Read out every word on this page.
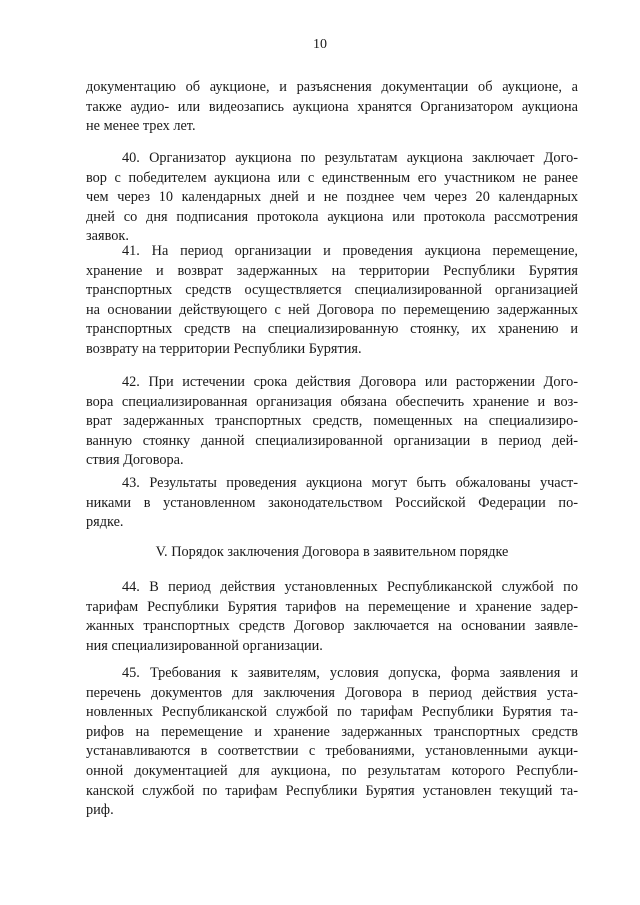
10
документацию об аукционе, и разъяснения документации об аукционе, а
также аудио- или видеозапись аукциона хранятся Организатором аукциона
не менее трех лет.
40. Организатор аукциона по результатам аукциона заключает Дого-
вор с победителем аукциона или с единственным его участником не ранее
чем через 10 календарных дней и не позднее чем через 20 календарных
дней со дня подписания протокола аукциона или протокола рассмотрения
заявок.
41. На период организации и проведения аукциона перемещение,
хранение и возврат задержанных на территории Республики Бурятия
транспортных средств осуществляется специализированной организацией
на основании действующего с ней Договора по перемещению задержанных
транспортных средств на специализированную стоянку, их хранению и
возврату на территории Республики Бурятия.
42. При истечении срока действия Договора или расторжении Дого-
вора специализированная организация обязана обеспечить хранение и воз-
врат задержанных транспортных средств, помещенных на специализиро-
ванную стоянку данной специализированной организации в период дей-
ствия Договора.
43. Результаты проведения аукциона могут быть обжалованы участ-
никами в установленном законодательством Российской Федерации по-
рядке.
V. Порядок заключения Договора в заявительном порядке
44. В период действия установленных Республиканской службой по
тарифам Республики Бурятия тарифов на перемещение и хранение задер-
жанных транспортных средств Договор заключается на основании заявле-
ния специализированной организации.
45. Требования к заявителям, условия допуска, форма заявления и
перечень документов для заключения Договора в период действия уста-
новленных Республиканской службой по тарифам Республики Бурятия та-
рифов на перемещение и хранение задержанных транспортных средств
устанавливаются в соответствии с требованиями, установленными аукци-
онной документацией для аукциона, по результатам которого Республи-
канской службой по тарифам Республики Бурятия установлен текущий та-
риф.
